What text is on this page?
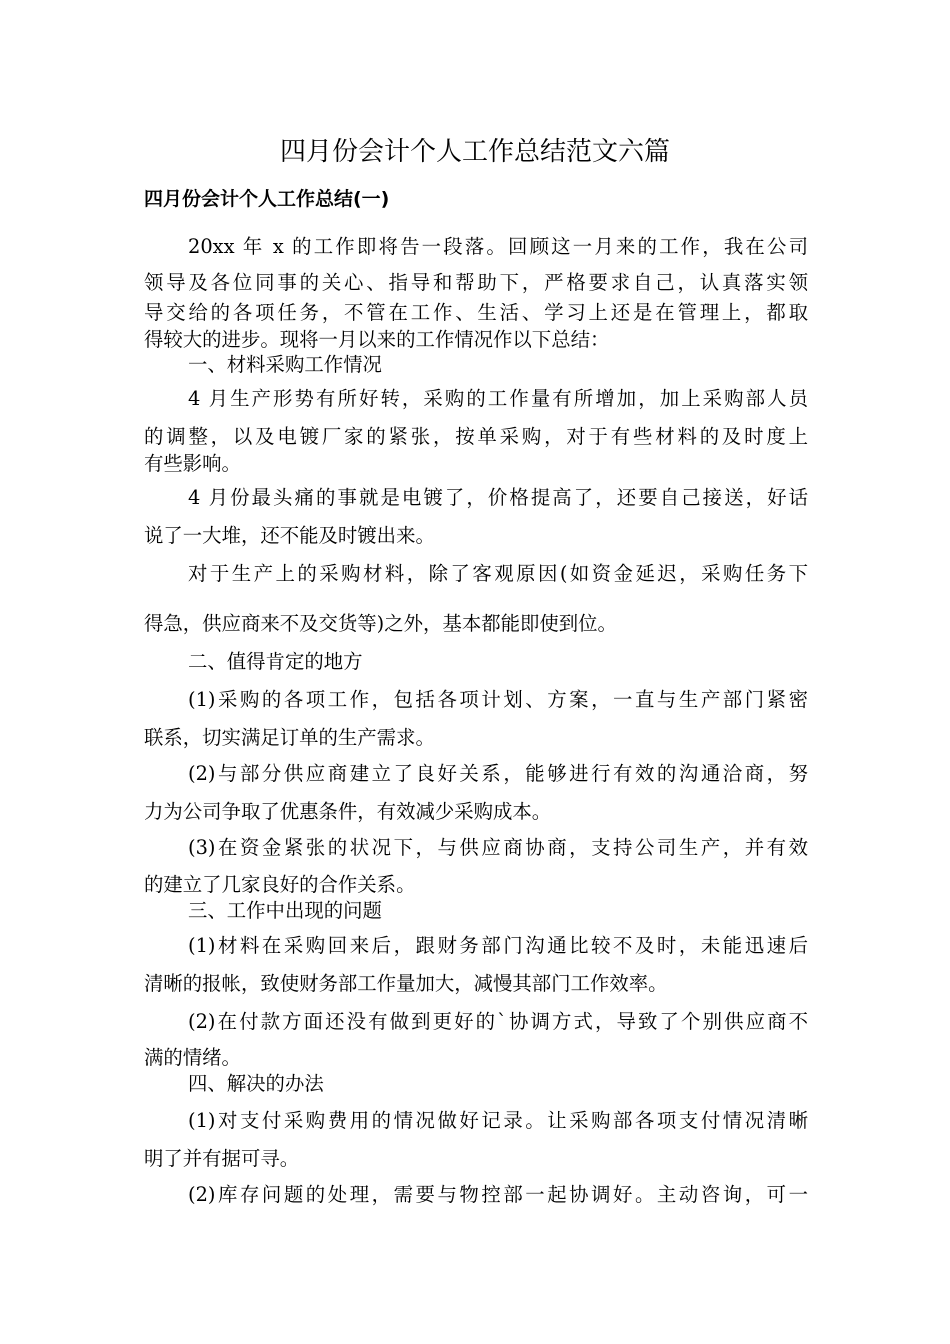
四月份会计个人工作总结范文六篇
四月份会计个人工作总结(一)
20xx 年 x 的工作即将告一段落。回顾这一月来的工作，我在公司
领导及各位同事的关心、指导和帮助下，严格要求自己，认真落实领
导交给的各项任务，不管在工作、生活、学习上还是在管理上，都取
得较大的进步。现将一月以来的工作情况作以下总结：
一、材料采购工作情况
4 月生产形势有所好转，采购的工作量有所增加，加上采购部人员
的调整，以及电镀厂家的紧张，按单采购，对于有些材料的及时度上
有些影响。
4 月份最头痛的事就是电镀了，价格提高了，还要自己接送，好话
说了一大堆，还不能及时镀出来。
对于生产上的采购材料，除了客观原因(如资金延迟，采购任务下
得急，供应商来不及交货等)之外，基本都能即使到位。
二、值得肯定的地方
(1)采购的各项工作，包括各项计划、方案，一直与生产部门紧密
联系，切实满足订单的生产需求。
(2)与部分供应商建立了良好关系，能够进行有效的沟通洽商，努
力为公司争取了优惠条件，有效减少采购成本。
(3)在资金紧张的状况下，与供应商协商，支持公司生产，并有效
的建立了几家良好的合作关系。
三、工作中出现的问题
(1)材料在采购回来后，跟财务部门沟通比较不及时，未能迅速后
清晰的报帐，致使财务部工作量加大，减慢其部门工作效率。
(2)在付款方面还没有做到更好的`协调方式，导致了个别供应商不
满的情绪。
四、解决的办法
(1)对支付采购费用的情况做好记录。让采购部各项支付情况清晰
明了并有据可寻。
(2)库存问题的处理，需要与物控部一起协调好。主动咨询，可一
